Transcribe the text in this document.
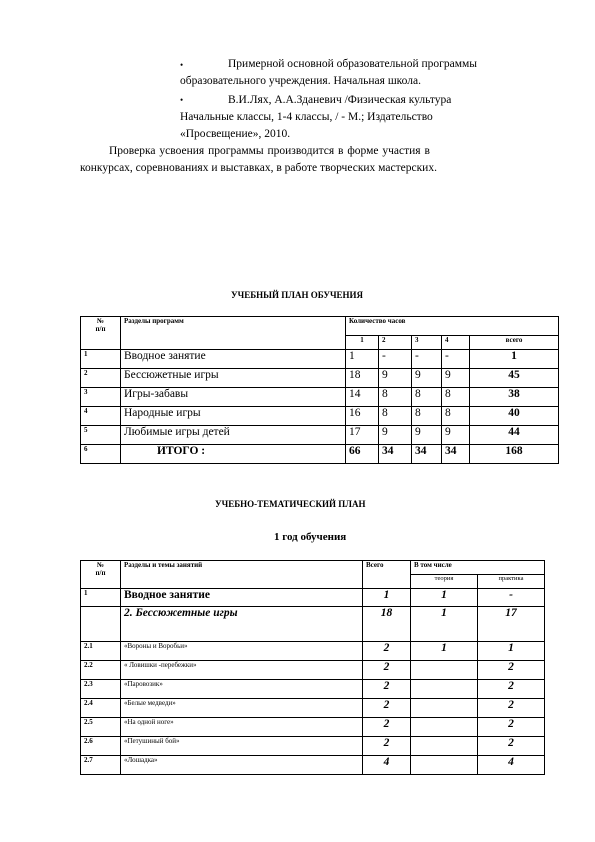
•	Примерной основной образовательной программы
образовательного учреждения. Начальная школа.
•	В.И.Лях, А.А.Зданевич /Физическая культура
Начальные классы, 1-4 классы, / - М.; Издательство
«Просвещение», 2010.
Проверка усвоения программы производится в форме участия в
конкурсах, соревнованиях и выставках, в работе творческих мастерских.
УЧЕБНЫЙ ПЛАН ОБУЧЕНИЯ
№
п/п	Разделы программ	Количество часов				
		1	2	3	4	всего
1	Вводное занятие	1	-	-	-	1
2	Бессюжетные игры	18	9	9	9	45
3	Игры-забавы	14	8	8	8	38
4	Народные игры	16	8	8	8	40
5	Любимые игры детей	17	9	9	9	44
6	ИТОГО :	66	34	34	34	168
УЧЕБНО-ТЕМАТИЧЕСКИЙ ПЛАН
1 год обучения
№
п/п	Разделы и темы занятий	Всего	В том числе	
			теория	практика
1	Вводное занятие	1	1	-
	2. Бессюжетные игры	18	1	17
2.1	«Вороны и Воробьи»	2	1	1
2.2	« Ловишки -перебежки»	2		2
2.3	«Паровозик»	2		2
2.4	«Белые медведи»	2		2
2.5	«На одной ноге»	2		2
2.6	«Петушиный бой»	2		2
2.7	«Лошадка»	4		4
